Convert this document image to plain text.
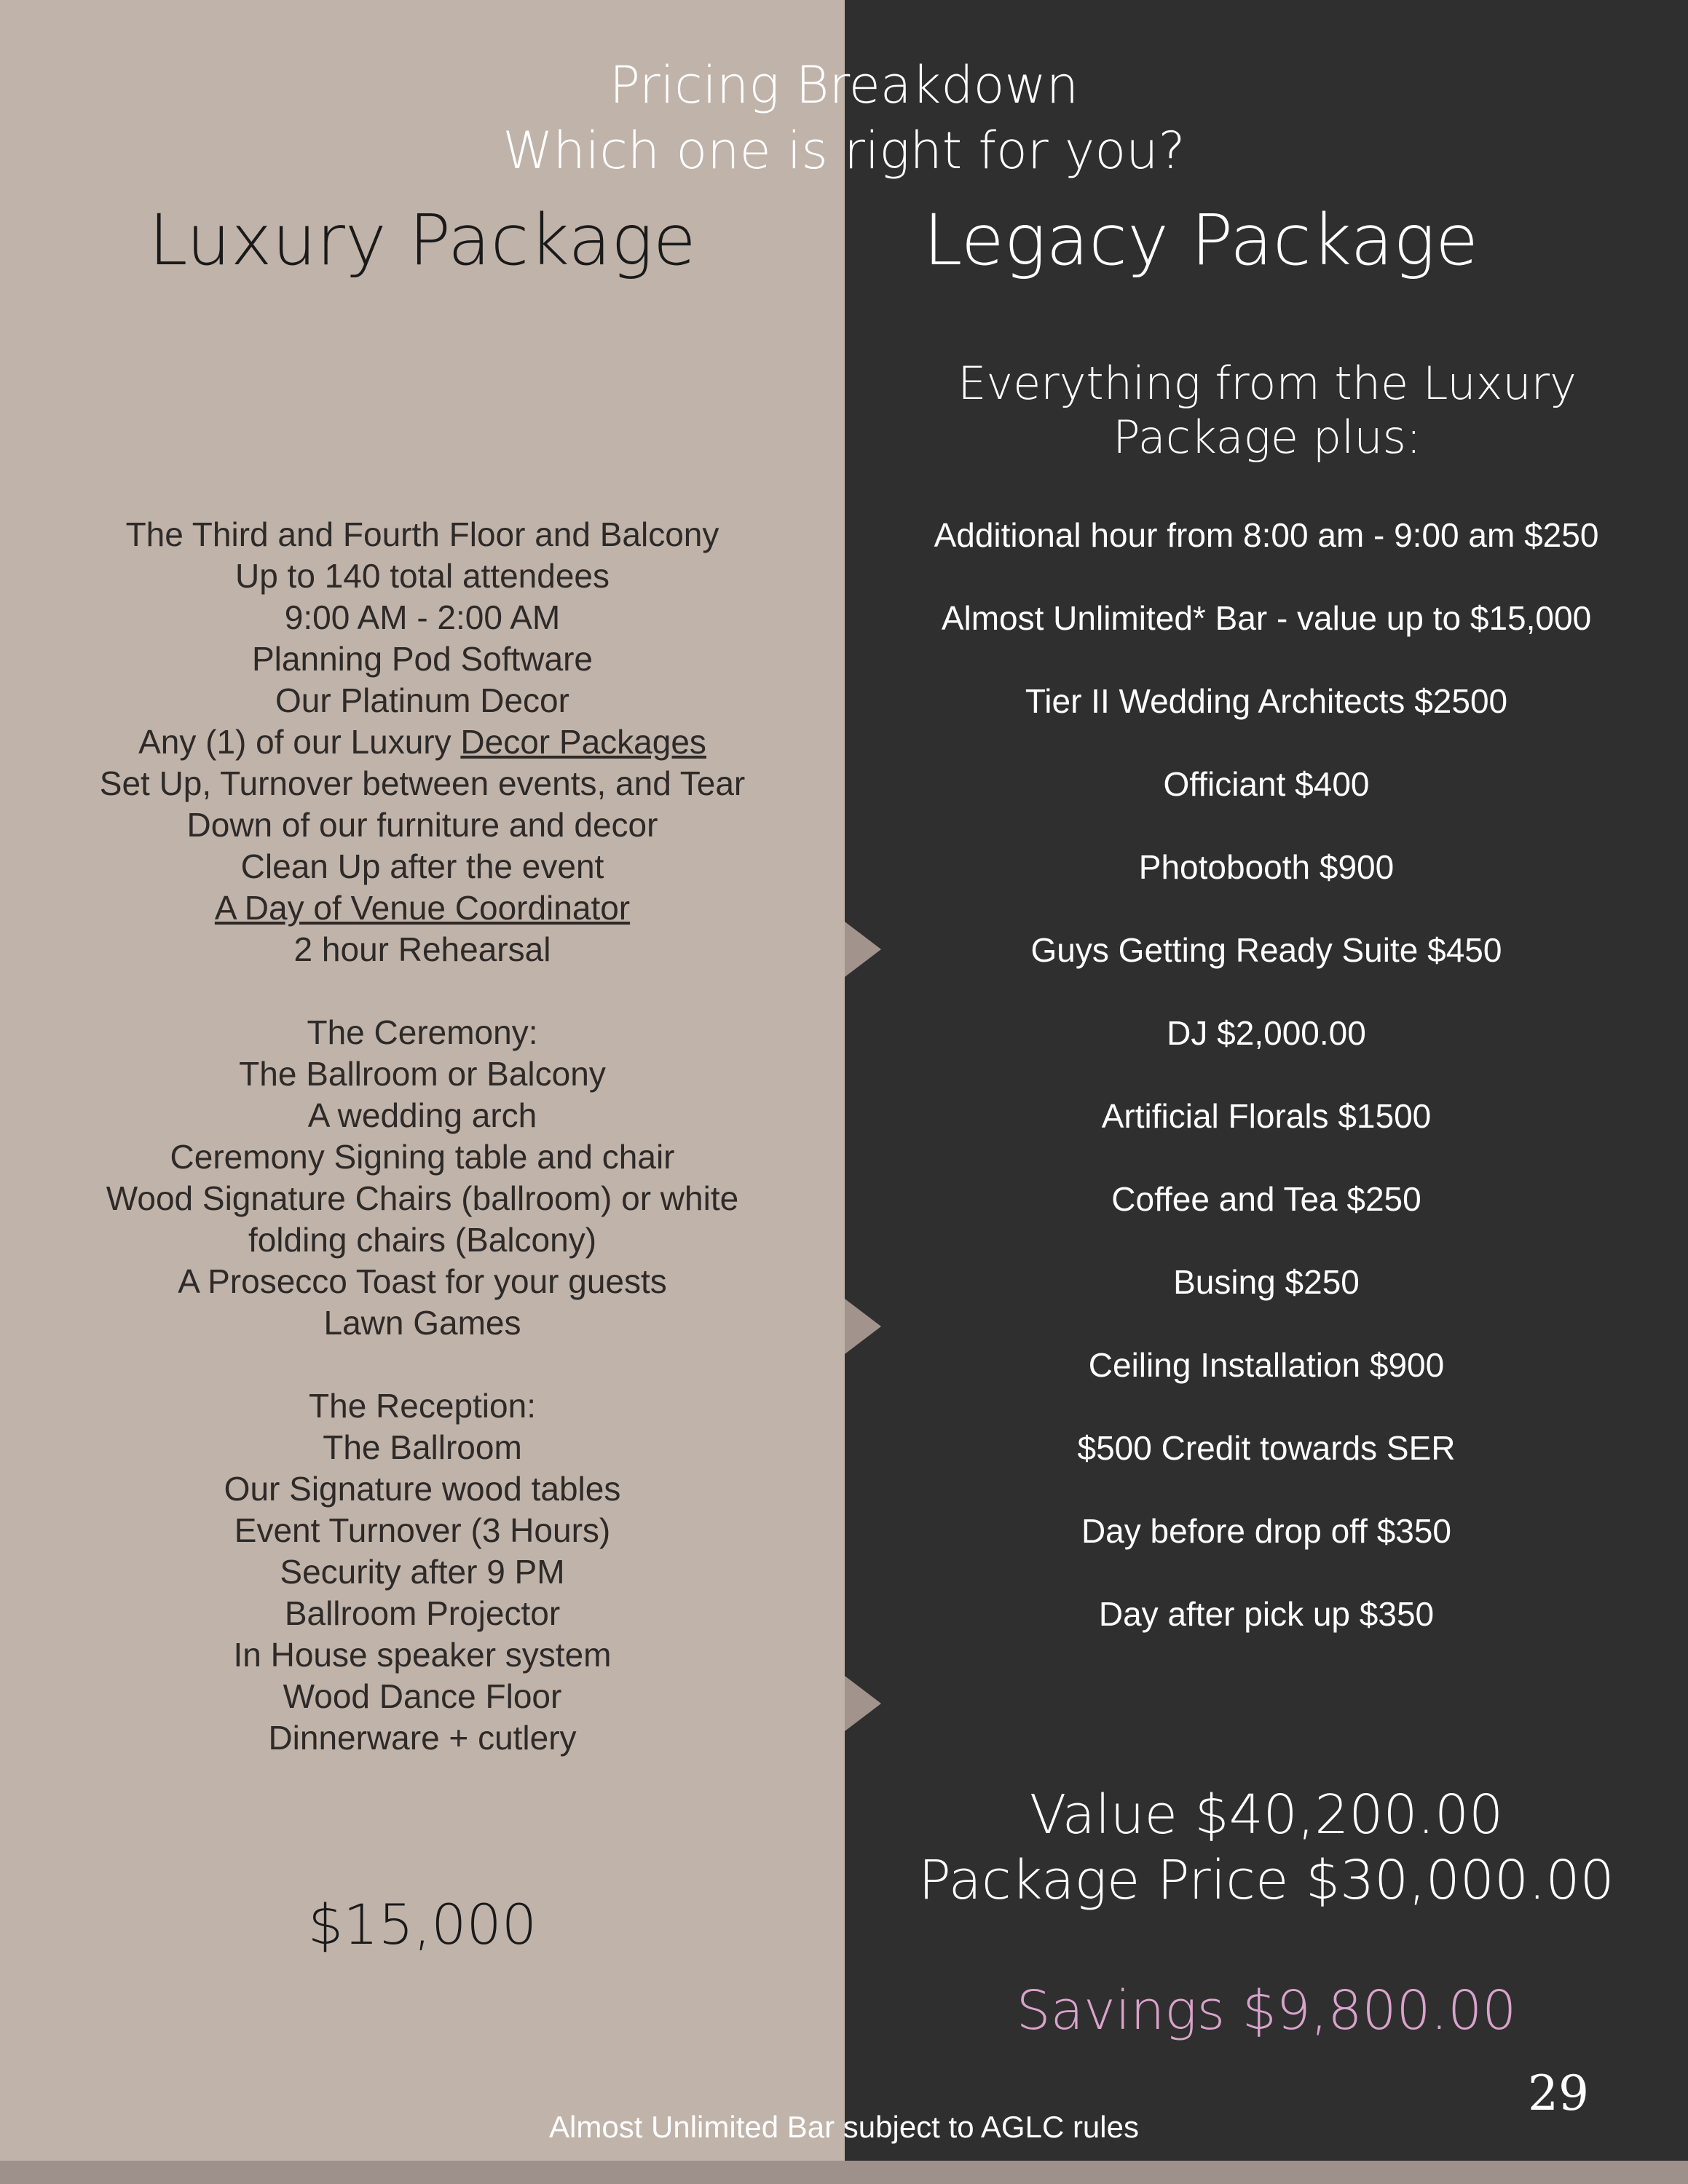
Pricing Breakdown
Which one is right for you?
Luxury Package	Legacy Package
Everything from the Luxury
Package plus:
The Third and Fourth Floor and Balcony
Up to 140 total attendees
9:00 AM - 2:00 AM
Planning Pod Software
Our Platinum Decor
Any (1) of our Luxury Decor Packages
Set Up, Turnover between events, and Tear
Down of our furniture and decor
Clean Up after the event
A Day of Venue Coordinator
2 hour Rehearsal
The Ceremony:
The Ballroom or Balcony
A wedding arch
Ceremony Signing table and chair
Wood Signature Chairs (ballroom) or white
folding chairs (Balcony)
A Prosecco Toast for your guests
Lawn Games
The Reception:
The Ballroom
Our Signature wood tables
Event Turnover (3 Hours)
Security after 9 PM
Ballroom Projector
In House speaker system
Wood Dance Floor
Dinnerware + cutlery
Additional hour from 8:00 am - 9:00 am $250
Almost Unlimited* Bar - value up to $15,000
Tier II Wedding Architects $2500
Officiant $400
Photobooth $900
Guys Getting Ready Suite $450
DJ $2,000.00
Artificial Florals $1500
Coffee and Tea $250
Busing $250
Ceiling Installation $900
$500 Credit towards SER
Day before drop off $350
Day after pick up $350
$15,000
Value $40,200.00
Package Price $30,000.00
Savings $9,800.00
29
Almost Unlimited Bar subject to AGLC rules
